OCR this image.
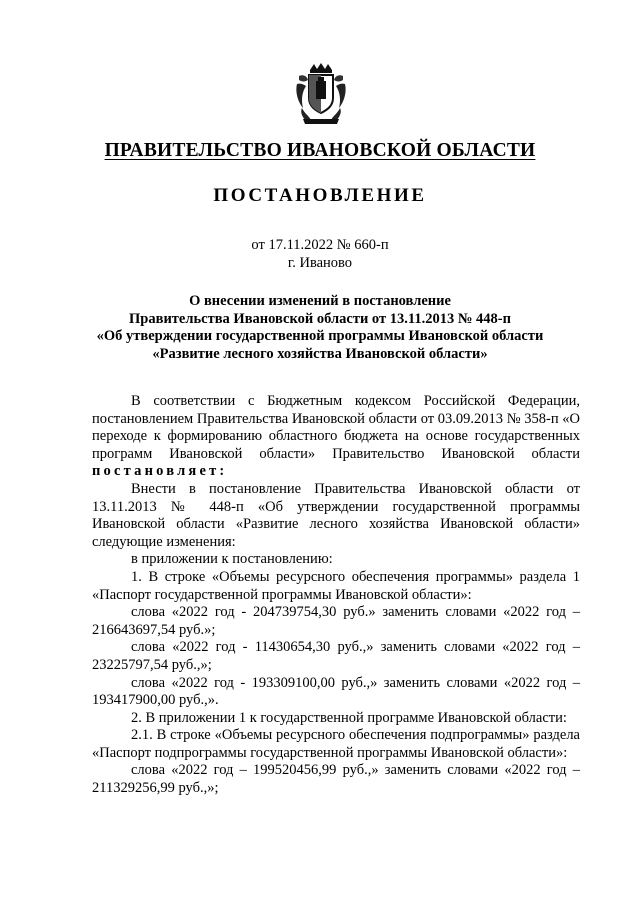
ПРАВИТЕЛЬСТВО ИВАНОВСКОЙ ОБЛАСТИ
ПОСТАНОВЛЕНИЕ
от 17.11.2022 № 660-п
г. Иваново
О внесении изменений в постановление
Правительства Ивановской области от 13.11.2013 № 448-п
«Об утверждении государственной программы Ивановской области
«Развитие лесного хозяйства Ивановской области»

В соответствии с Бюджетным кодексом Российской Федерации, постановлением Правительства Ивановской области от 03.09.2013 № 358-п «О переходе к формированию областного бюджета на основе государственных программ Ивановской области» Правительство Ивановской области постановляет:

Внести в постановление Правительства Ивановской области от 13.11.2013 № 448-п «Об утверждении государственной программы Ивановской области «Развитие лесного хозяйства Ивановской области» следующие изменения:

в приложении к постановлению:

1. В строке «Объемы ресурсного обеспечения программы» раздела 1 «Паспорт государственной программы Ивановской области»:

слова «2022 год - 204739754,30 руб.» заменить словами «2022 год – 216643697,54 руб.»;

слова «2022 год - 11430654,30 руб.,» заменить словами «2022 год – 23225797,54 руб.,»;

слова «2022 год - 193309100,00 руб.,» заменить словами «2022 год – 193417900,00 руб.,».

2. В приложении 1 к государственной программе Ивановской области:

2.1. В строке «Объемы ресурсного обеспечения подпрограммы» раздела «Паспорт подпрограммы государственной программы Ивановской области»:

слова «2022 год – 199520456,99 руб.,» заменить словами «2022 год – 211329256,99 руб.,»;
